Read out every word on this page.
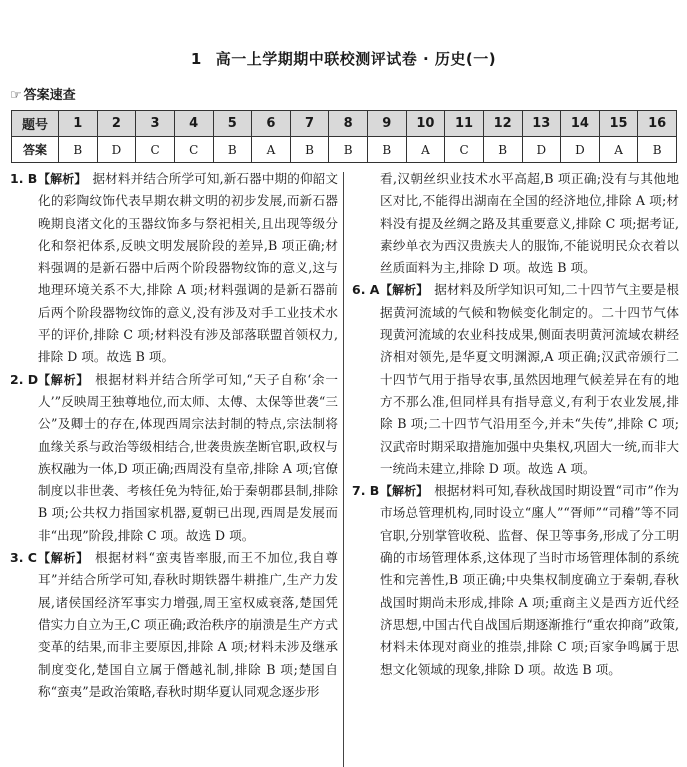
1 高一上学期期中联校测评试卷 · 历史(一)
☞ 答案速查
题号	1	2	3	4	5	6	7	8	9	10	11	12	13	14	15	16
答案	B	D	C	C	B	A	B	B	B	A	C	B	D	D	A	B
1. B 【解析】 据材料并结合所学可知,新石器中期的仰韶文化的彩陶纹饰代表早期农耕文明的初步发展,而新石器晚期良渚文化的玉器纹饰多与祭祀相关,且出现等级分化和祭祀体系,反映文明发展阶段的差异,B 项正确;材料强调的是新石器中后两个阶段器物纹饰的意义,这与地理环境关系不大,排除 A 项;材料强调的是新石器前后两个阶段器物纹饰的意义,没有涉及对手工业技术水平的评价,排除 C 项;材料没有涉及部落联盟首领权力,排除 D 项。故选 B 项。
2. D 【解析】 根据材料并结合所学可知,“天子自称‘余一人’”反映周王独尊地位,而太师、太傅、太保等世袭“三公”及卿士的存在,体现西周宗法封制的特点,宗法制将血缘关系与政治等级相结合,世袭贵族垄断官职,政权与族权融为一体,D 项正确;西周没有皇帝,排除 A 项;官僚制度以非世袭、考核任免为特征,始于秦朝郡县制,排除 B 项;公共权力指国家机器,夏朝已出现,西周是发展而非“出现”阶段,排除 C 项。故选 D 项。
3. C 【解析】 根据材料“蛮夷皆率服,而王不加位,我自尊耳”并结合所学可知,春秋时期铁器牛耕推广,生产力发展,诸侯国经济军事实力增强,周王室权威衰落,楚国凭借实力自立为王,C 项正确;政治秩序的崩溃是生产方式变革的结果,而非主要原因,排除 A 项;材料未涉及继承制度变化,楚国自立属于僭越礼制,排除 B 项;楚国自称“蛮夷”是政治策略,春秋时期华夏认同观念逐步形
看,汉朝丝织业技术水平高超,B 项正确;没有与其他地区对比,不能得出湖南在全国的经济地位,排除 A 项;材料没有提及丝绸之路及其重要意义,排除 C 项;据考证,素纱单衣为西汉贵族夫人的服饰,不能说明民众衣着以丝质面料为主,排除 D 项。故选 B 项。
6. A 【解析】 据材料及所学知识可知,二十四节气主要是根据黄河流域的气候和物候变化制定的。二十四节气体现黄河流域的农业科技成果,侧面表明黄河流域农耕经济相对领先,是华夏文明渊源,A 项正确;汉武帝颁行二十四节气用于指导农事,虽然因地理气候差异在有的地方不那么准,但同样具有指导意义,有利于农业发展,排除 B 项;二十四节气沿用至今,并未“失传”,排除 C 项;汉武帝时期采取措施加强中央集权,巩固大一统,而非大一统尚未建立,排除 D 项。故选 A 项。
7. B 【解析】 根据材料可知,春秋战国时期设置“司市”作为市场总管理机构,同时设立“廛人”“胥师”“司稽”等不同官职,分别掌管收税、监督、保卫等事务,形成了分工明确的市场管理体系,这体现了当时市场管理体制的系统性和完善性,B 项正确;中央集权制度确立于秦朝,春秋战国时期尚未形成,排除 A 项;重商主义是西方近代经济思想,中国古代自战国后期逐渐推行“重农抑商”政策,材料未体现对商业的推崇,排除 C 项;百家争鸣属于思想文化领域的现象,排除 D 项。故选 B 项。
